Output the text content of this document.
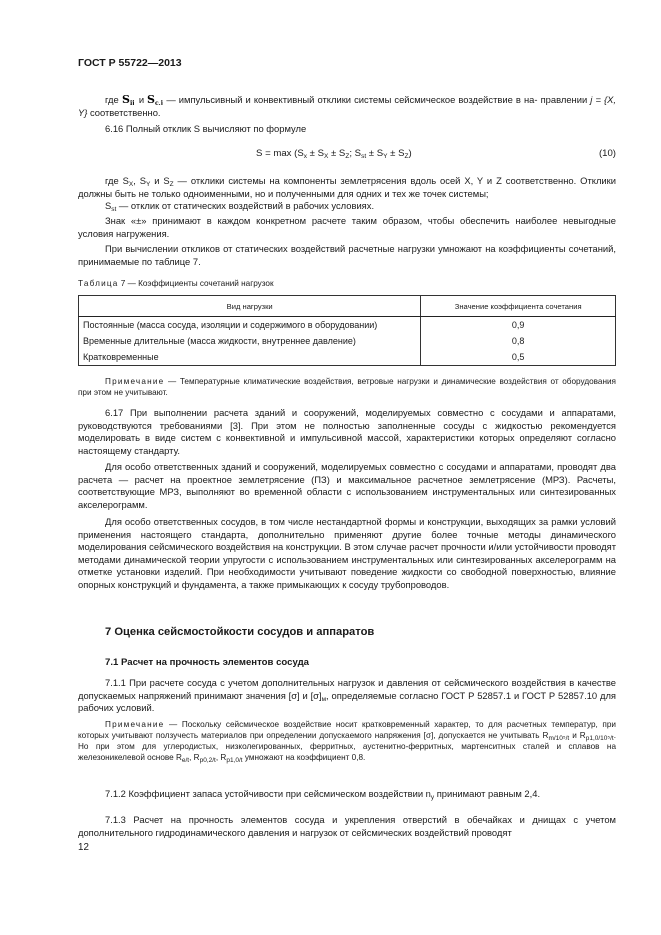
ГОСТ Р 55722—2013

где S ij и S c,j — импульсивный и конвективный отклики системы сейсмическое воздействие в на- правлении j = {X, Y} соответственно.

6.16 Полный отклик S вычисляют по формуле

$S = \max (S_x \pm S_X \pm S_Z$; $S_{st} \pm S_Y \pm S_Z$)	(10)

где $S_X$, $S_Y$ и $S_Z$ — отклики системы на компоненты землетрясения вдоль осей X, Y и Z соответственно. Отклики должны быть не только одноименными, но и полученными для одних и тех же точек системы;

$S_{st}$ — отклик от статических воздействий в рабочих условиях.

Знак «±» принимают в каждом конкретном расчете таким образом, чтобы обеспечить наиболее невыгодные условия нагружения.

При вычислении откликов от статических воздействий расчетные нагрузки умножают на коэффициенты сочетаний, принимаемые по таблице 7.

Таблица 7 — Коэффициенты сочетаний нагрузок
Вид нагрузки	Значение коэффициента сочетания
Постоянные (масса сосуда, изоляции и содержимого в оборудовании)	0,9
Временные длительные (масса жидкости, внутреннее давление)	0,8
Кратковременные	0,5

Примечание — Температурные климатические воздействия, ветровые нагрузки и динамические воздействия от оборудования при этом не учитывают.

6.17 При выполнении расчета зданий и сооружений, моделируемых совместно с сосудами и аппаратами, руководствуются требованиями [3]. При этом не полностью заполненные сосуды с жидкостью рекомендуется моделировать в виде систем с конвективной и импульсивной массой, характеристики которых определяют согласно настоящему стандарту.

Для особо ответственных зданий и сооружений, моделируемых совместно с сосудами и аппаратами, проводят два расчета — расчет на проектное землетрясение (ПЗ) и максимальное расчетное землетрясение (МРЗ). Расчеты, соответствующие МРЗ, выполняют во временной области с использованием инструментальных или синтезированных акселерограмм.

Для особо ответственных сосудов, в том числе нестандартной формы и конструкции, выходящих за рамки условий применения настоящего стандарта, дополнительно применяют другие более точные методы динамического моделирования сейсмического воздействия на конструкции. В этом случае расчет прочности и/или устойчивости проводят методами динамической теории упругости с использованием инструментальных или синтезированных акселерограмм на отметке установки изделий. При необходимости учитывают поведение жидкости со свободной поверхностью, влияние опорных конструкций и фундамента, а также примыкающих к сосуду трубопроводов.

7 Оценка сейсмостойкости сосудов и аппаратов
7.1 Расчет на прочность элементов сосуда

7.1.1 При расчете сосуда с учетом дополнительных нагрузок и давления от сейсмического воздействия в качестве допускаемых напряжений принимают значения [σ] и $[\sigma]_м$, определяемые согласно ГОСТ Р 52857.1 и ГОСТ Р 52857.10 для рабочих условий.

Примечание — Поскольку сейсмическое воздействие носит кратковременный характер, то для расчетных температур, при которых учитывают ползучесть материалов при определении допускаемого напряжения [σ], допускается не учитывать $R_{m/10^5/t}$ и $R_{p1,0/10^5/t}$. Но при этом для углеродистых, низколегированных, ферритных, аустенитно-ферритных, мартенситных сталей и сплавов на железоникелевой основе $R_{e/t}$, $R_{p0,2/t}$, $R_{p1,0/t}$ умножают на коэффициент 0,8.

7.1.2 Коэффициент запаса устойчивости при сейсмическом воздействии $n_y$ принимают равным 2,4.

7.1.3 Расчет на прочность элементов сосуда и укрепления отверстий в обечайках и днищах с учетом дополнительного гидродинамического давления и нагрузок от сейсмических воздействий проводят

12
